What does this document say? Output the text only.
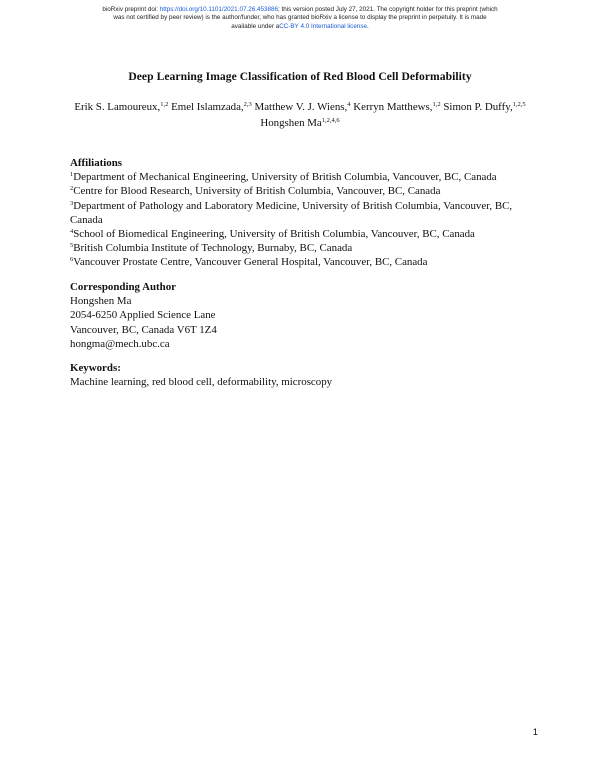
bioRxiv preprint doi: https://doi.org/10.1101/2021.07.26.453886; this version posted July 27, 2021. The copyright holder for this preprint (which
was not certified by peer review) is the author/funder, who has granted bioRxiv a license to display the preprint in perpetuity. It is made
available under aCC-BY 4.0 International license.
Deep Learning Image Classification of Red Blood Cell Deformability
Erik S. Lamoureux,$^{1,2}$ Emel Islamzada,$^{2,3}$ Matthew V. J. Wiens,$^4$ Kerryn Matthews,$^{1,2}$ Simon P. Duffy,$^{1,2,5}$ Hongshen Ma$^{1,2,4,6}$
Affiliations
$^1$Department of Mechanical Engineering, University of British Columbia, Vancouver, BC, Canada
$^2$Centre for Blood Research, University of British Columbia, Vancouver, BC, Canada
$^3$Department of Pathology and Laboratory Medicine, University of British Columbia, Vancouver, BC, Canada
$^4$School of Biomedical Engineering, University of British Columbia, Vancouver, BC, Canada
$^5$British Columbia Institute of Technology, Burnaby, BC, Canada
$^6$Vancouver Prostate Centre, Vancouver General Hospital, Vancouver, BC, Canada
Corresponding Author
Hongshen Ma
2054-6250 Applied Science Lane
Vancouver, BC, Canada V6T 1Z4
hongma@mech.ubc.ca
Keywords:
Machine learning, red blood cell, deformability, microscopy
1
